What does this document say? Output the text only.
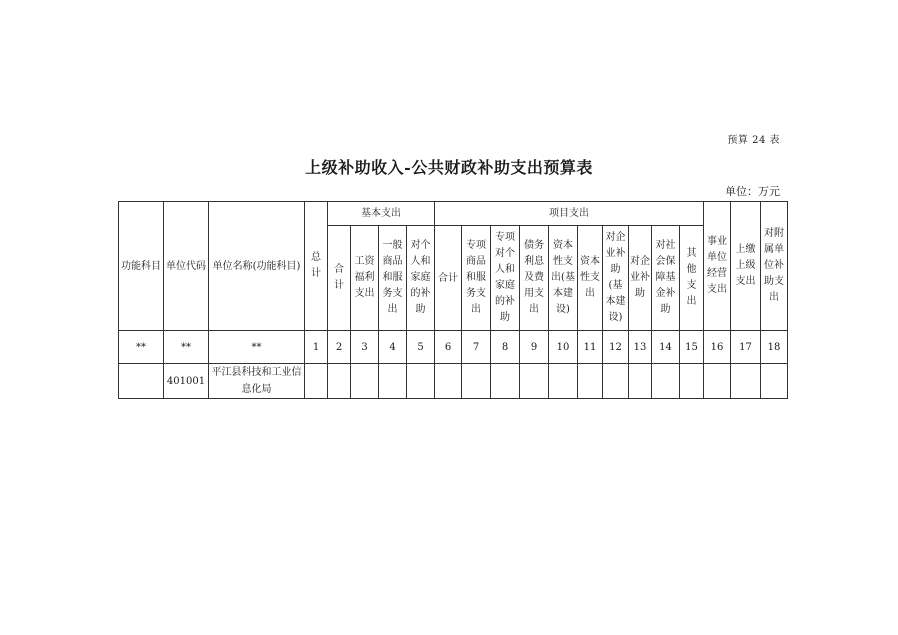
预算 24 表
上级补助收入-公共财政补助支出预算表
单位：万元
功能科目	单位代码	单位名称(功能科目)	总计	基本支出				项目支出										事业单位经营支出	上缴上级支出	对附属单位补助支出

				合计	工资福利支出	一般商品和服务支出	对个人和家庭的补助	合计	专项商品和服务支出	专项对个人和家庭的补助	债务利息及费用支出	资本性支出(基本建设)	资本性支出	对企业补助(基本建设)	对企业补助	对社会保障基金补助	其他支出			

**	**	**	1	2	3	4	5	6	7	8	9	10	11	12	13	14	15	16	17	18
	401001	平江县科技和工业信息化局																		
